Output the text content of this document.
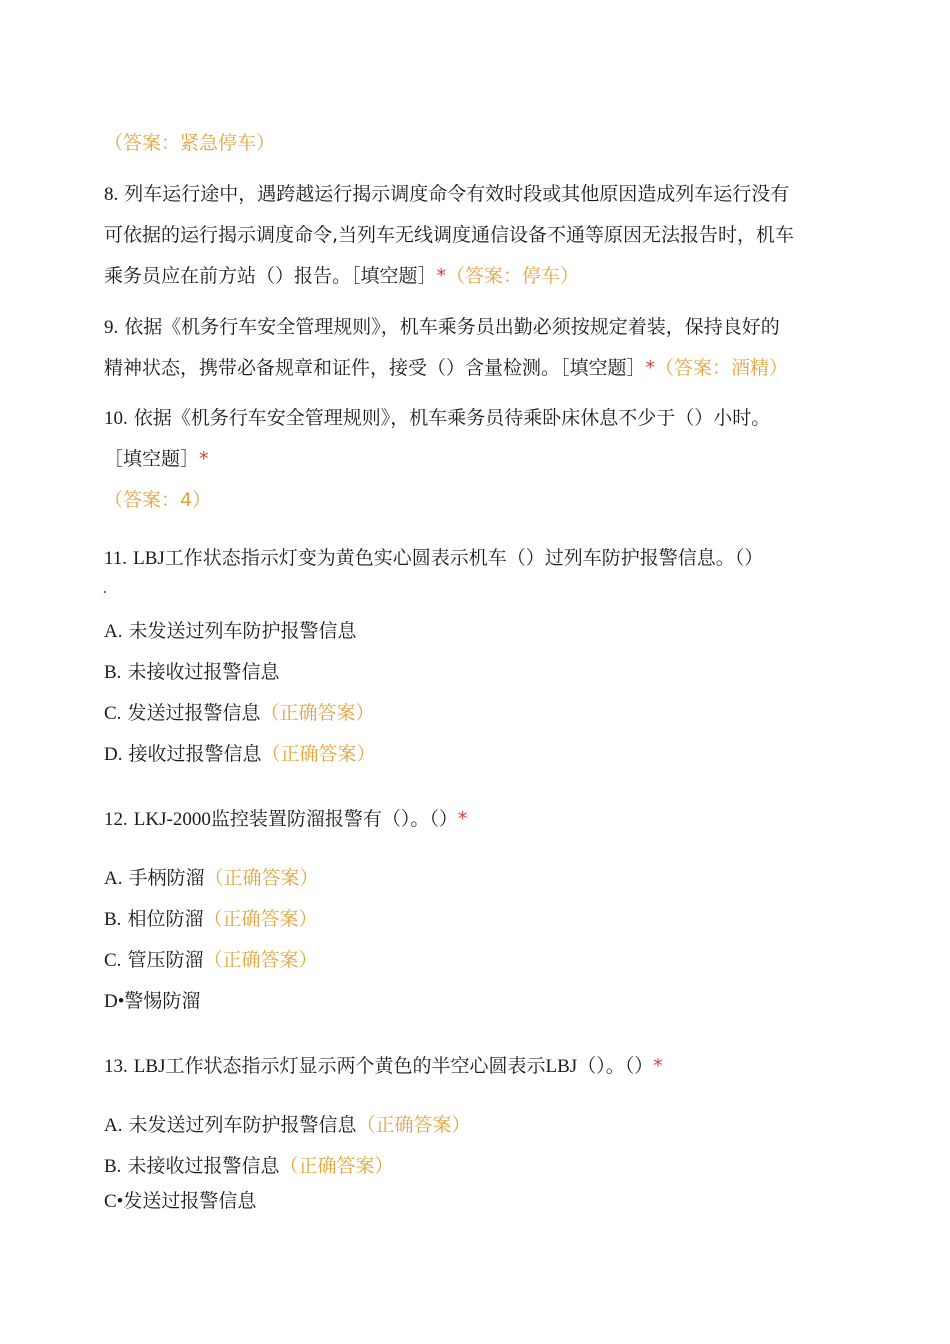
（答案：紧急停车）
8. 列车运行途中，遇跨越运行揭示调度命令有效时段或其他原因造成列车运行没有
可依据的运行揭示调度命令,当列车无线调度通信设备不通等原因无法报告时，机车
乘务员应在前方站（）报告。［填空题］*（答案：停车）
9. 依据《机务行车安全管理规则》，机车乘务员出勤必须按规定着装，保持良好的
精神状态，携带必备规章和证件，接受（）含量检测。［填空题］*（答案：酒精）
10. 依据《机务行车安全管理规则》，机车乘务员待乘卧床休息不少于（）小时。
［填空题］*
（答案：4）
11. LBJ工作状态指示灯变为黄色实心圆表示机车（）过列车防护报警信息。（）
A. 未发送过列车防护报警信息
B. 未接收过报警信息
C. 发送过报警信息（正确答案）
D. 接收过报警信息（正确答案）
12. LKJ-2000监控装置防溜报警有（）。（）*
A. 手柄防溜（正确答案）
B. 相位防溜（正确答案）
C. 管压防溜（正确答案）
D•警惕防溜
13. LBJ工作状态指示灯显示两个黄色的半空心圆表示LBJ（）。（）*
A. 未发送过列车防护报警信息（正确答案）
B. 未接收过报警信息（正确答案）
C•发送过报警信息
